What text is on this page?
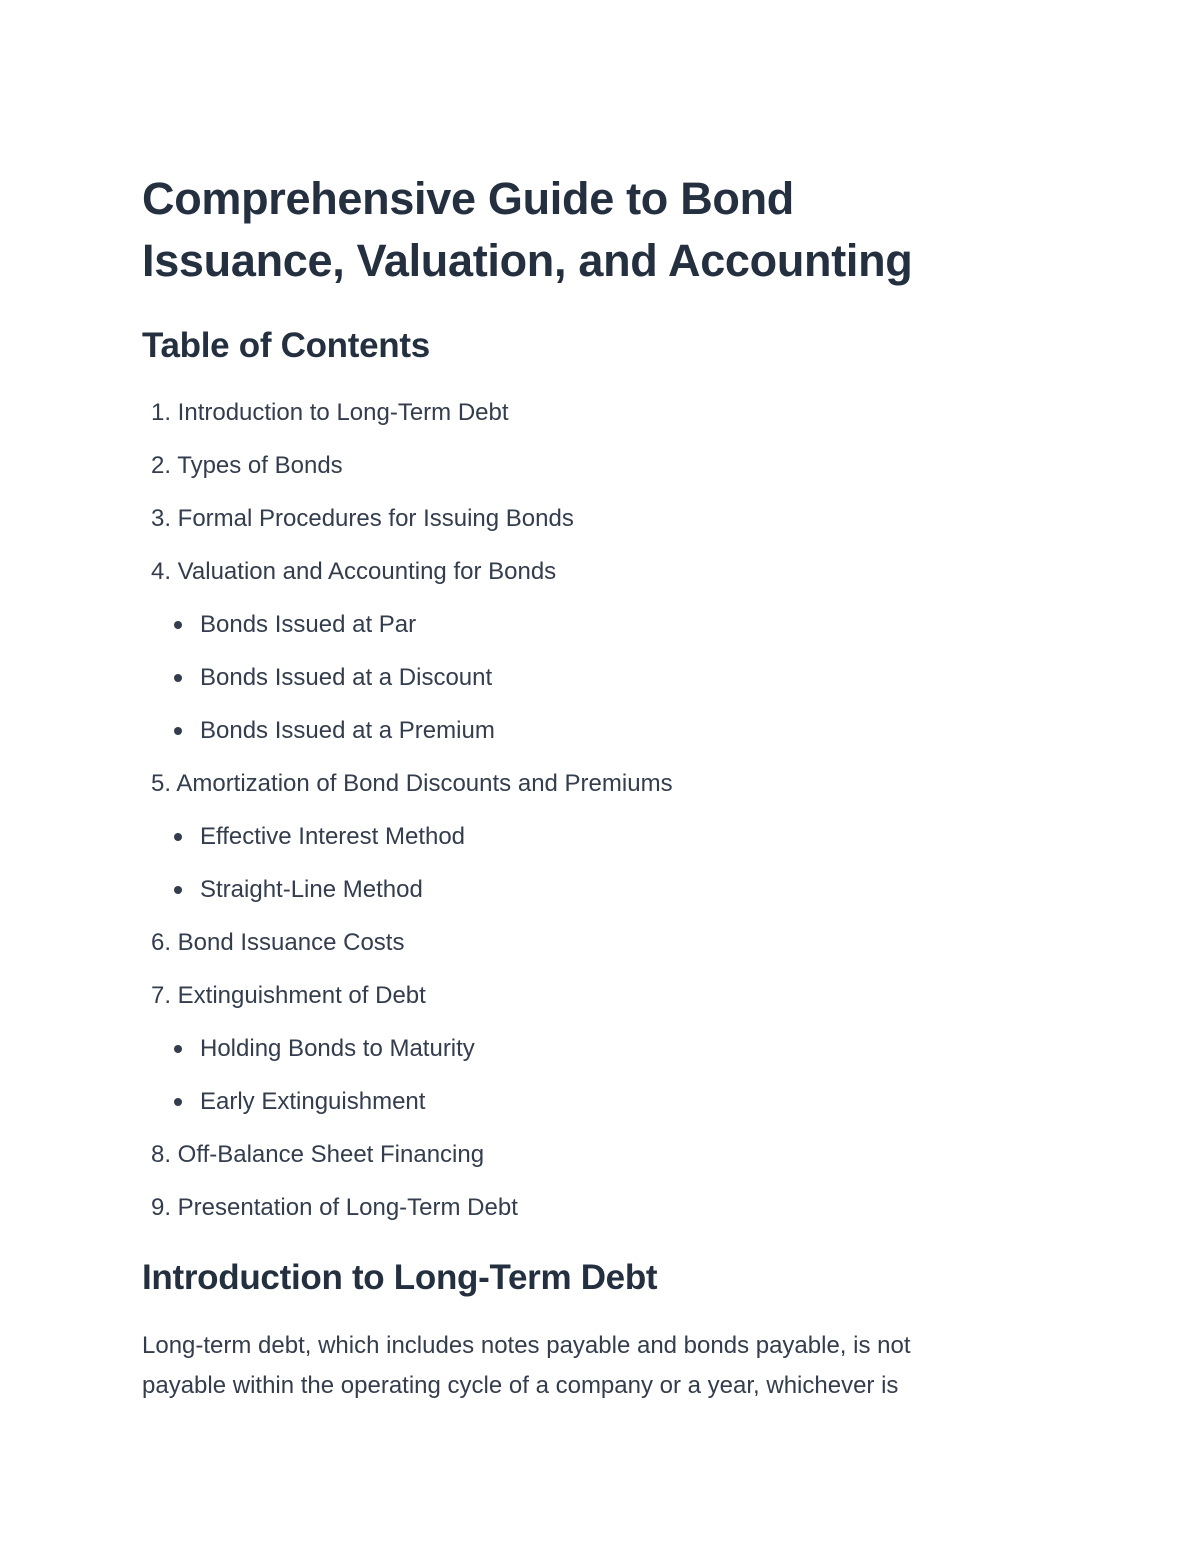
Comprehensive Guide to Bond
Issuance, Valuation, and Accounting
Table of Contents
1. Introduction to Long-Term Debt
2. Types of Bonds
3. Formal Procedures for Issuing Bonds
4. Valuation and Accounting for Bonds
Bonds Issued at Par
Bonds Issued at a Discount
Bonds Issued at a Premium
5. Amortization of Bond Discounts and Premiums
Effective Interest Method
Straight-Line Method
6. Bond Issuance Costs
7. Extinguishment of Debt
Holding Bonds to Maturity
Early Extinguishment
8. Off-Balance Sheet Financing
9. Presentation of Long-Term Debt
Introduction to Long-Term Debt

Long-term debt, which includes notes payable and bonds payable, is not
payable within the operating cycle of a company or a year, whichever is
